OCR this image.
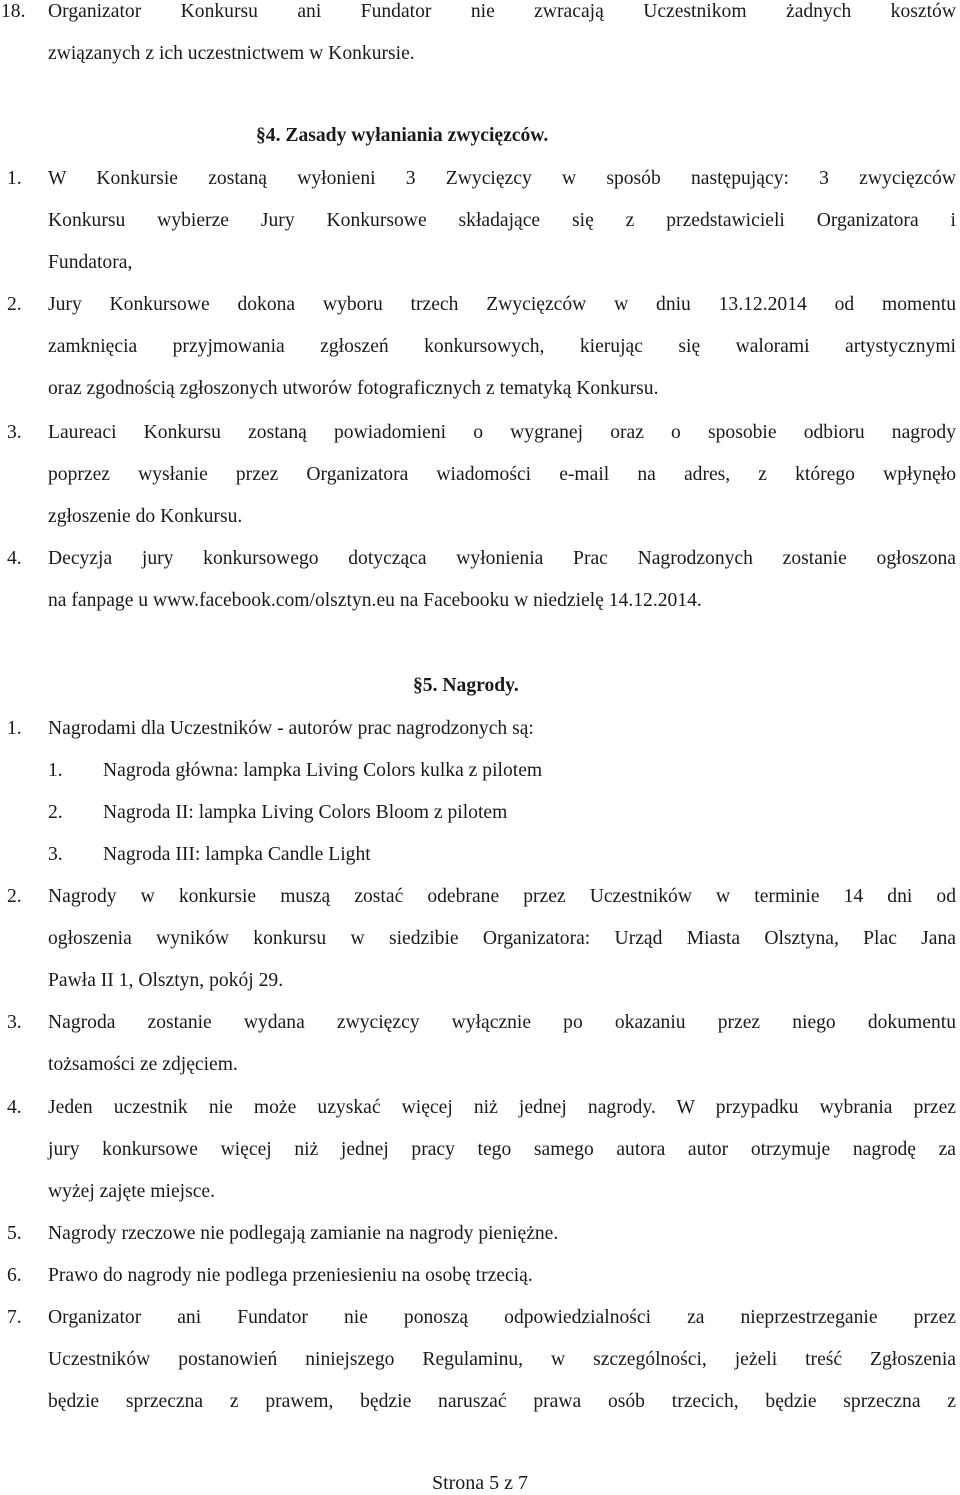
18. Organizator Konkursu ani Fundator nie zwracają Uczestnikom żadnych kosztów
związanych z ich uczestnictwem w Konkursie.
§4. Zasady wyłaniania zwycięzców.
1. W Konkursie zostaną wyłonieni 3 Zwycięzcy w sposób następujący: 3 zwycięzców
Konkursu wybierze Jury Konkursowe składające się z przedstawicieli Organizatora i
Fundatora,
2. Jury Konkursowe dokona wyboru trzech Zwycięzców w dniu 13.12.2014 od momentu
zamknięcia przyjmowania zgłoszeń konkursowych, kierując się walorami artystycznymi
oraz zgodnością zgłoszonych utworów fotograficznych z tematyką Konkursu.
3. Laureaci Konkursu zostaną powiadomieni o wygranej oraz o sposobie odbioru nagrody
poprzez wysłanie przez Organizatora wiadomości e-mail na adres, z którego wpłynęło
zgłoszenie do Konkursu.
4. Decyzja jury konkursowego dotycząca wyłonienia Prac Nagrodzonych zostanie ogłoszona
na fanpage u www.facebook.com/olsztyn.eu na Facebooku w niedzielę 14.12.2014.
§5. Nagrody.
1. Nagrodami dla Uczestników - autorów prac nagrodzonych są:
1. Nagroda główna: lampka Living Colors kulka z pilotem
2. Nagroda II: lampka Living Colors Bloom z pilotem
3. Nagroda III: lampka Candle Light
2. Nagrody w konkursie muszą zostać odebrane przez Uczestników w terminie 14 dni od
ogłoszenia wyników konkursu w siedzibie Organizatora: Urząd Miasta Olsztyna, Plac Jana
Pawła II 1, Olsztyn, pokój 29.
3. Nagroda zostanie wydana zwycięzcy wyłącznie po okazaniu przez niego dokumentu
tożsamości ze zdjęciem.
4. Jeden uczestnik nie może uzyskać więcej niż jednej nagrody. W przypadku wybrania przez
jury konkursowe więcej niż jednej pracy tego samego autora autor otrzymuje nagrodę za
wyżej zajęte miejsce.
5. Nagrody rzeczowe nie podlegają zamianie na nagrody pieniężne.
6. Prawo do nagrody nie podlega przeniesieniu na osobę trzecią.
7. Organizator ani Fundator nie ponoszą odpowiedzialności za nieprzestrzeganie przez
Uczestników postanowień niniejszego Regulaminu, w szczególności, jeżeli treść Zgłoszenia
będzie sprzeczna z prawem, będzie naruszać prawa osób trzecich, będzie sprzeczna z
Strona 5 z 7
